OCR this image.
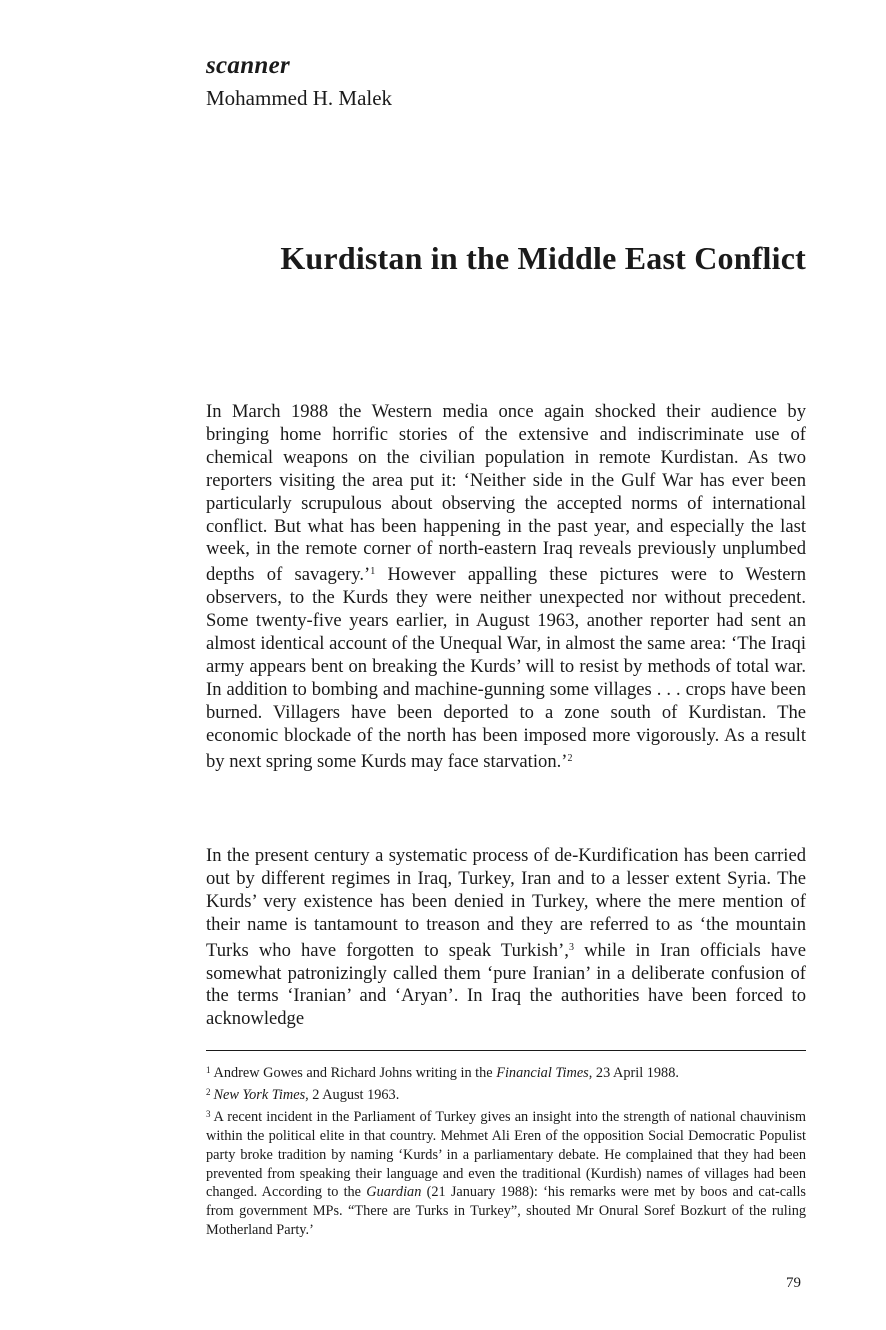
scanner

Mohammed H. Malek

Kurdistan in the Middle East Conflict

In March 1988 the Western media once again shocked their audience by bringing home horrific stories of the extensive and indiscriminate use of chemical weapons on the civilian population in remote Kurdistan. As two reporters visiting the area put it: ‘Neither side in the Gulf War has ever been particularly scrupulous about observing the accepted norms of international conflict. But what has been happening in the past year, and especially the last week, in the remote corner of north-eastern Iraq reveals previously unplumbed depths of savagery.’$^1$ However appalling these pictures were to Western observers, to the Kurds they were neither unexpected nor without precedent. Some twenty-five years earlier, in August 1963, another reporter had sent an almost identical account of the Unequal War, in almost the same area: ‘The Iraqi army appears bent on breaking the Kurds’ will to resist by methods of total war. In addition to bombing and machine-gunning some villages . . . crops have been burned. Villagers have been deported to a zone south of Kurdistan. The economic blockade of the north has been imposed more vigorously. As a result by next spring some Kurds may face starvation.’$^2$

In the present century a systematic process of de-Kurdification has been carried out by different regimes in Iraq, Turkey, Iran and to a lesser extent Syria. The Kurds’ very existence has been denied in Turkey, where the mere mention of their name is tantamount to treason and they are referred to as ‘the mountain Turks who have forgotten to speak Turkish’,$^3$ while in Iran officials have somewhat patronizingly called them ‘pure Iranian’ in a deliberate confusion of the terms ‘Iranian’ and ‘Aryan’. In Iraq the authorities have been forced to acknowledge

$^1$ Andrew Gowes and Richard Johns writing in the Financial Times, 23 April 1988.

$^2$ New York Times, 2 August 1963.

$^3$ A recent incident in the Parliament of Turkey gives an insight into the strength of national chauvinism within the political elite in that country. Mehmet Ali Eren of the opposition Social Democratic Populist party broke tradition by naming ‘Kurds’ in a parliamentary debate. He complained that they had been prevented from speaking their language and even the traditional (Kurdish) names of villages had been changed. According to the Guardian (21 January 1988): ‘his remarks were met by boos and cat-calls from government MPs. “There are Turks in Turkey”, shouted Mr Onural Soref Bozkurt of the ruling Motherland Party.’

79
